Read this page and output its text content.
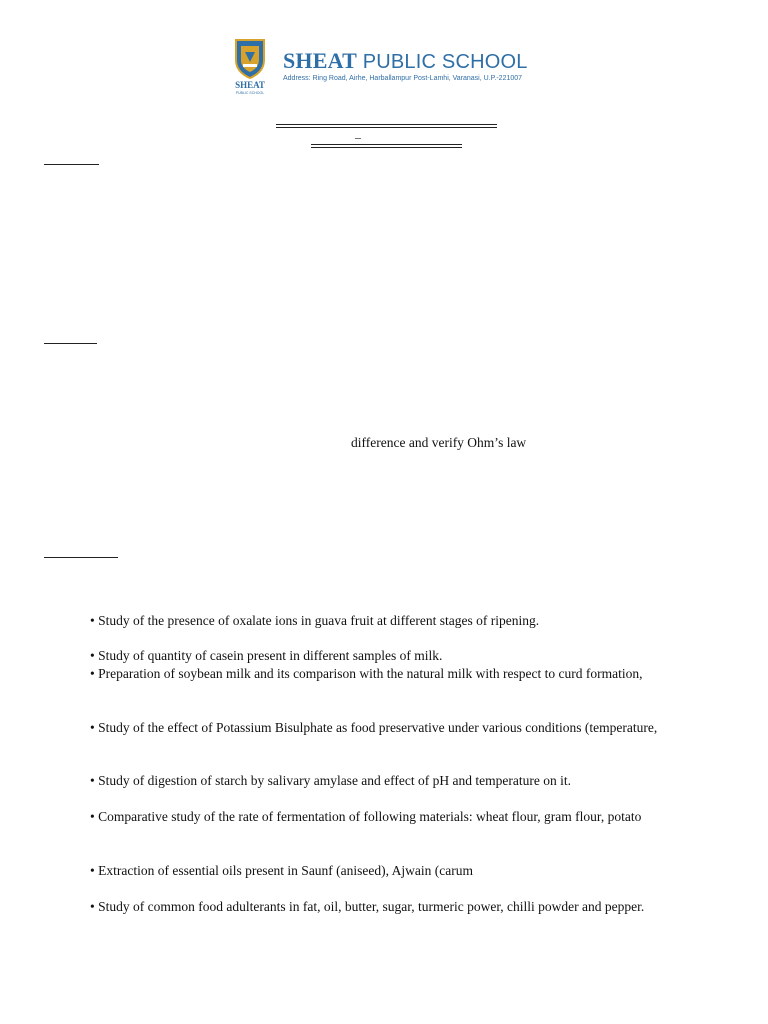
SHEAT
PUBLIC SCHOOL
SHEAT PUBLIC SCHOOL
Address: Ring Road, Airhe, Harballampur Post-Lamhi, Varanasi, U.P.-221007
–
difference and verify Ohm’s law
• Study of the presence of oxalate ions in guava fruit at different stages of ripening.
• Study of quantity of casein present in different samples of milk.
• Preparation of soybean milk and its comparison with the natural milk with respect to curd formation,
• Study of the effect of Potassium Bisulphate as food preservative under various conditions (temperature,
• Study of digestion of starch by salivary amylase and effect of pH and temperature on it.
• Comparative study of the rate of fermentation of following materials: wheat flour, gram flour, potato
• Extraction of essential oils present in Saunf (aniseed), Ajwain (carum
• Study of common food adulterants in fat, oil, butter, sugar, turmeric power, chilli powder and pepper.
